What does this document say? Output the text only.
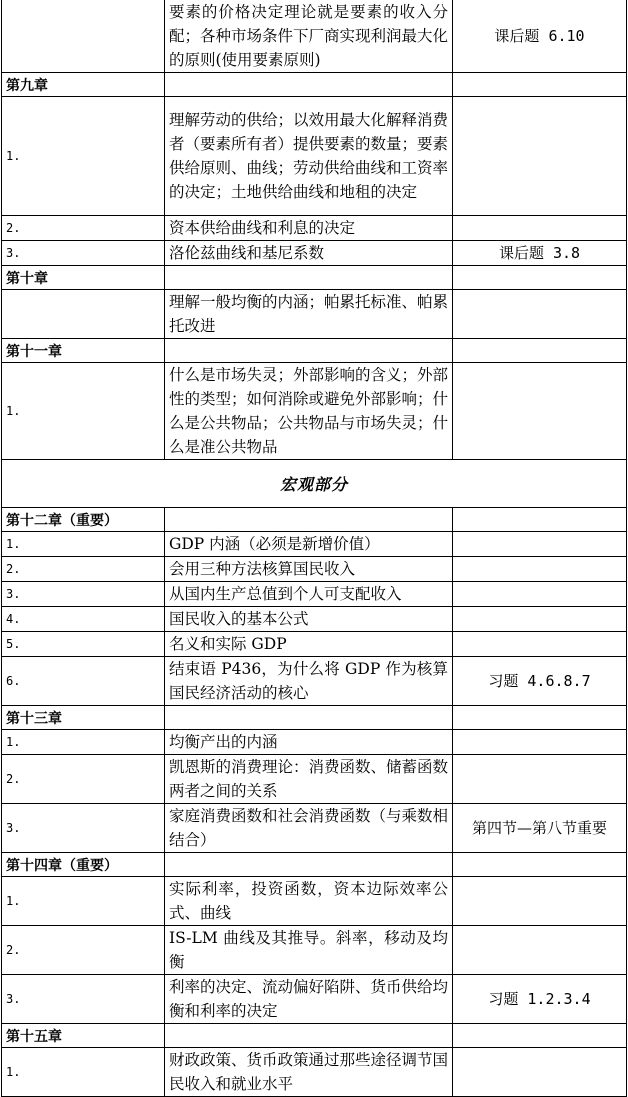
	要素的价格决定理论就是要素的收入分配；各种市场条件下厂商实现利润最大化的原则(使用要素原则)	课后题 6.10
第九章		
1.	理解劳动的供给；以效用最大化解释消费者（要素所有者）提供要素的数量；要素供给原则、曲线；劳动供给曲线和工资率的决定；土地供给曲线和地租的决定	
2.	资本供给曲线和利息的决定	
3.	洛伦兹曲线和基尼系数	课后题 3.8
第十章		
	理解一般均衡的内涵；帕累托标准、帕累托改进	
第十一章		
1.	什么是市场失灵；外部影响的含义；外部性的类型；如何消除或避免外部影响；什么是公共物品；公共物品与市场失灵；什么是准公共物品	
宏观部分		
第十二章（重要）		
1.	GDP 内涵（必须是新增价值）	
2.	会用三种方法核算国民收入	
3.	从国内生产总值到个人可支配收入	
4.	国民收入的基本公式	
5.	名义和实际 GDP	
6.	结束语 P436，为什么将 GDP 作为核算国民经济活动的核心	习题 4.6.8.7
第十三章		
1.	均衡产出的内涵	
2.	凯恩斯的消费理论：消费函数、储蓄函数两者之间的关系	
3.	家庭消费函数和社会消费函数（与乘数相结合）	第四节—第八节重要
第十四章（重要）		
1.	实际利率，投资函数，资本边际效率公式、曲线	
2.	IS-LM 曲线及其推导。斜率，移动及均衡	
3.	利率的决定、流动偏好陷阱、货币供给均衡和利率的决定	习题 1.2.3.4
第十五章		
1.	财政政策、货币政策通过那些途径调节国民收入和就业水平	
